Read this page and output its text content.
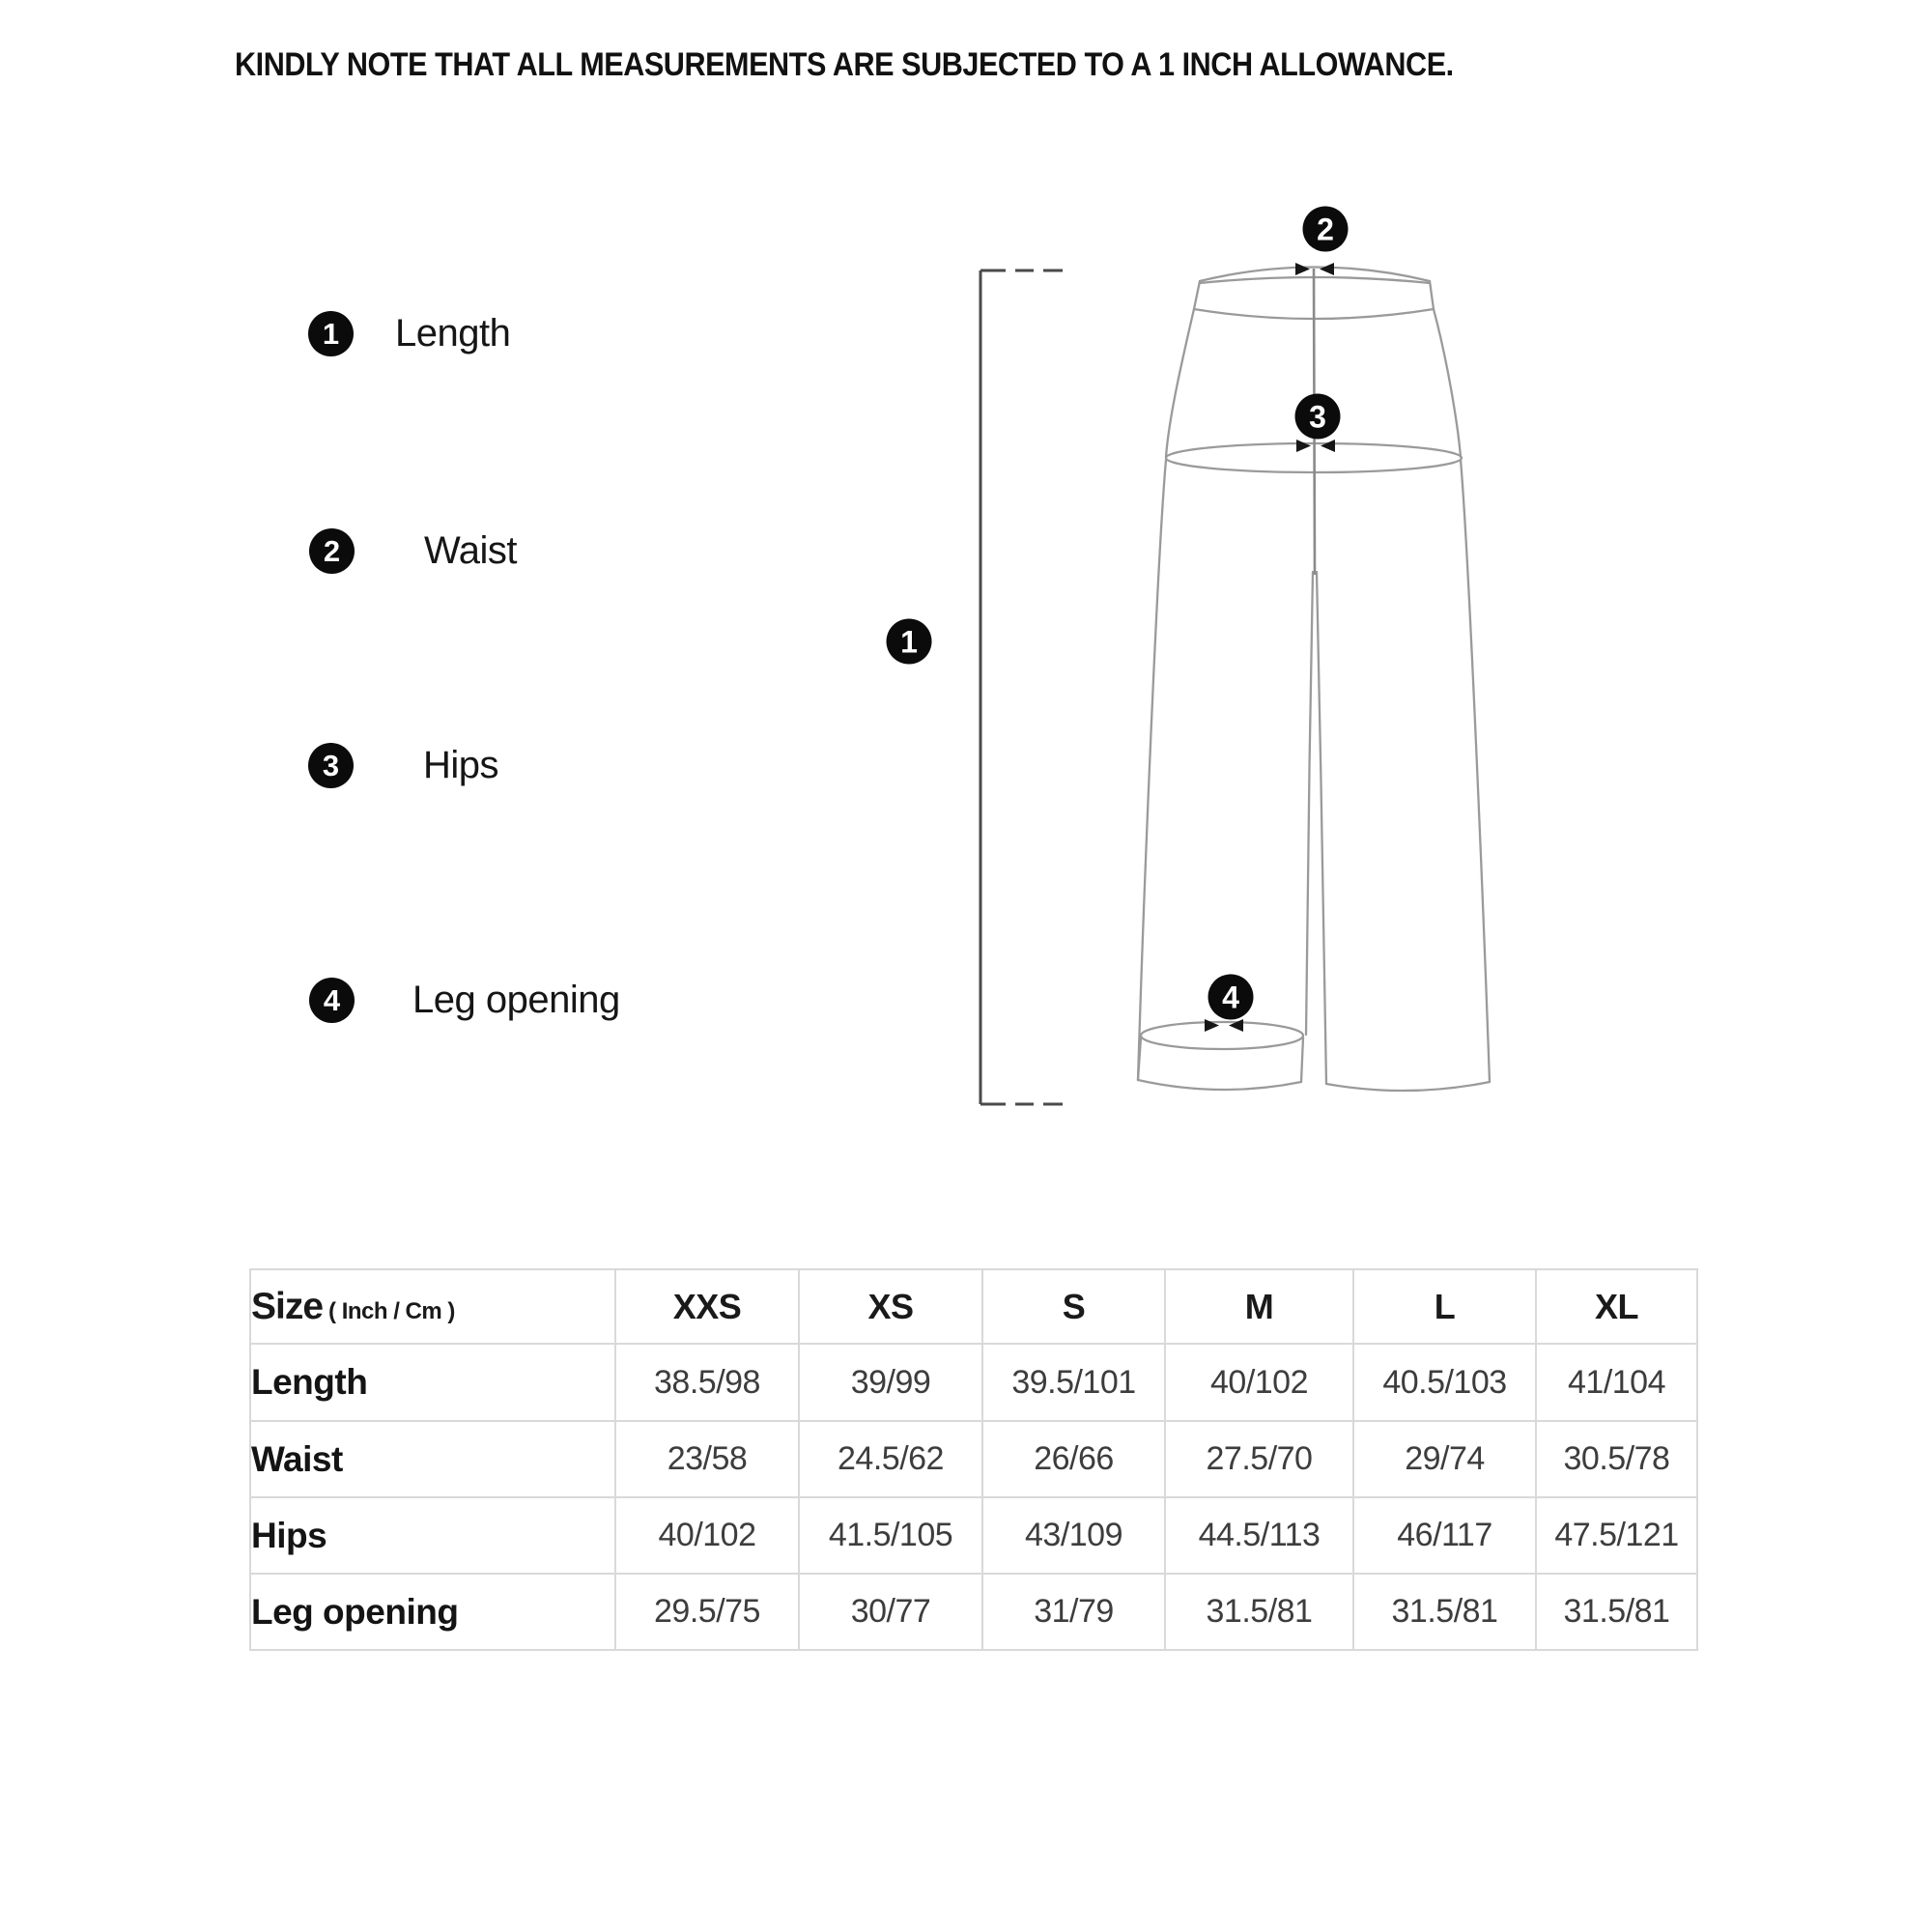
KINDLY NOTE THAT ALL MEASUREMENTS ARE SUBJECTED TO A 1 INCH ALLOWANCE.
1	Length
2	Waist
3	Hips
4	Leg opening
1
2
3
4
Size ( Inch / Cm )	XXS	XS	S	M	L	XL
Length	38.5/98	39/99	39.5/101	40/102	40.5/103	41/104
Waist	23/58	24.5/62	26/66	27.5/70	29/74	30.5/78
Hips	40/102	41.5/105	43/109	44.5/113	46/117	47.5/121
Leg opening	29.5/75	30/77	31/79	31.5/81	31.5/81	31.5/81
